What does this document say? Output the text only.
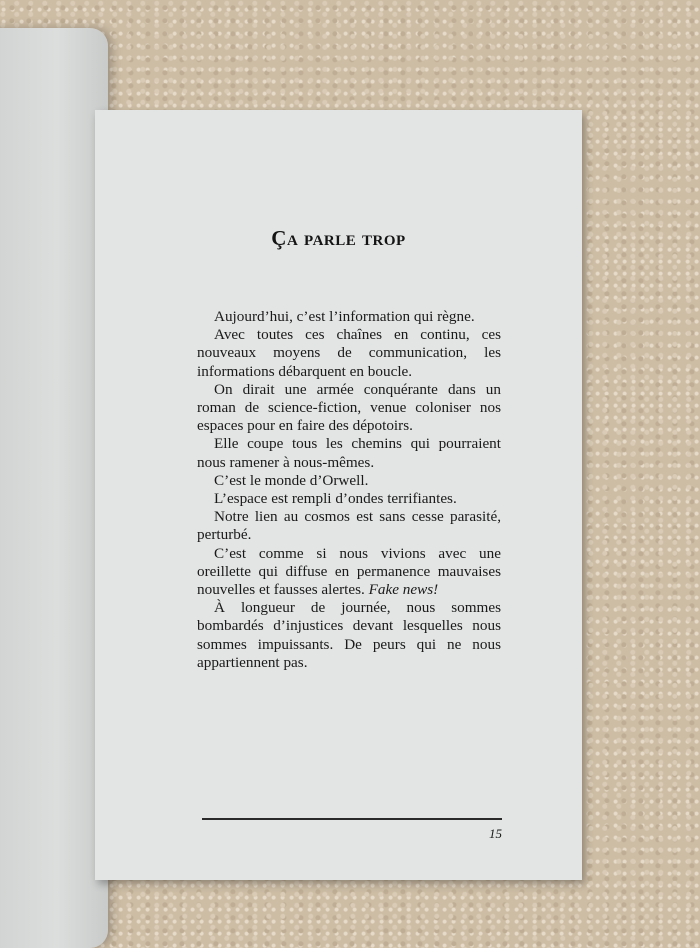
Ça parle trop

Aujourd’hui, c’est l’information qui règne.

Avec toutes ces chaînes en continu, ces nouveaux moyens de communication, les informations débarquent en boucle.

On dirait une armée conquérante dans un roman de science-fiction, venue coloniser nos espaces pour en faire des dépotoirs.

Elle coupe tous les chemins qui pourraient nous ramener à nous-mêmes.

C’est le monde d’Orwell.

L’espace est rempli d’ondes terrifiantes.

Notre lien au cosmos est sans cesse parasité, perturbé.

C’est comme si nous vivions avec une oreillette qui diffuse en permanence mauvaises nouvelles et fausses alertes. Fake news!

À longueur de journée, nous sommes bombardés d’injustices devant lesquelles nous sommes impuissants. De peurs qui ne nous appartiennent pas.

15
